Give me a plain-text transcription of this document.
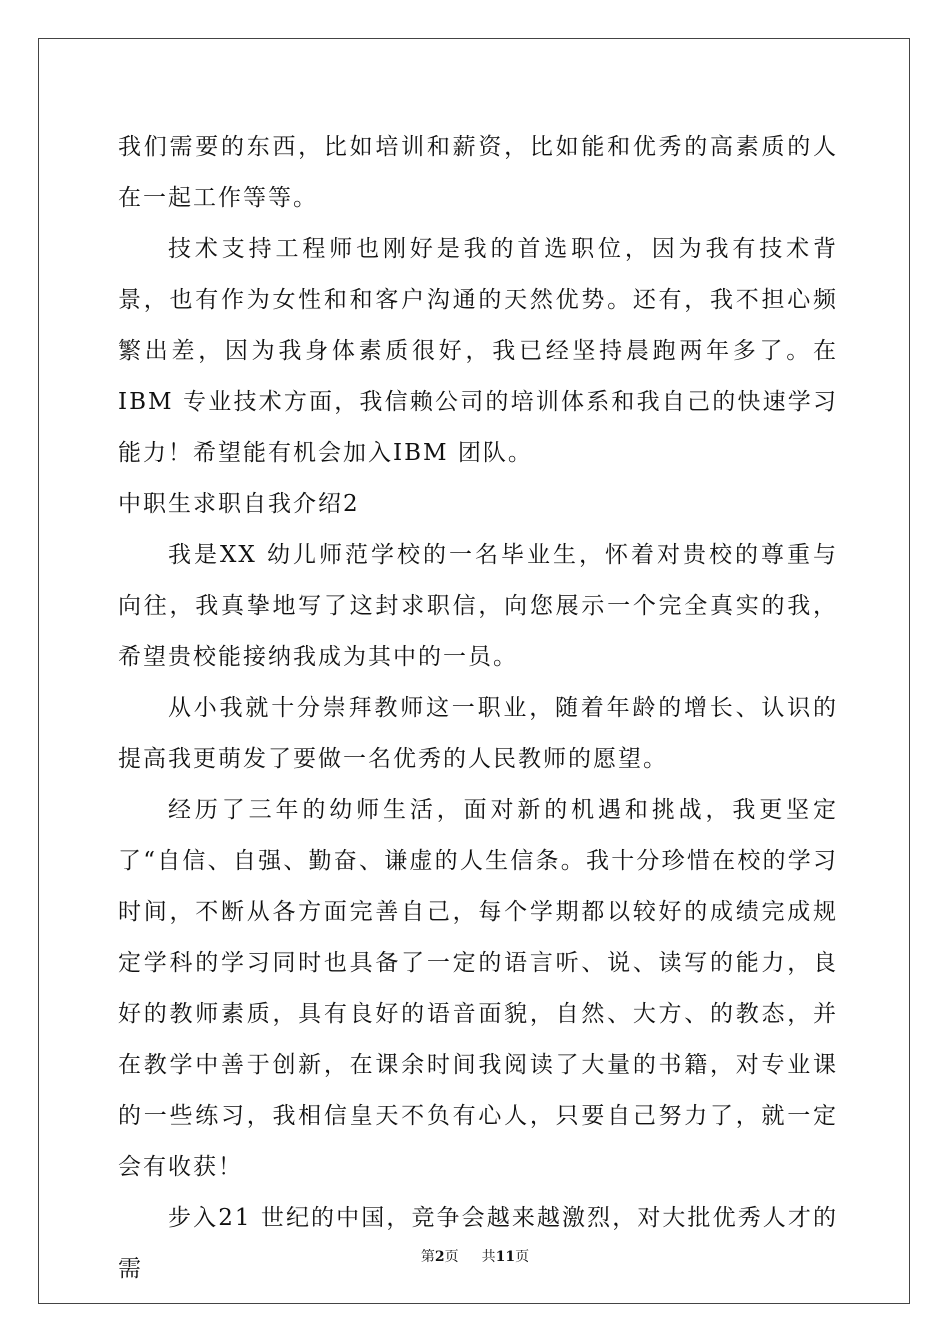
我们需要的东西，比如培训和薪资，比如能和优秀的高素质的人在一起工作等等。

技术支持工程师也刚好是我的首选职位，因为我有技术背景，也有作为女性和和客户沟通的天然优势。还有，我不担心频繁出差，因为我身体素质很好，我已经坚持晨跑两年多了。在 IBM 专业技术方面，我信赖公司的培训体系和我自己的快速学习能力！希望能有机会加入IBM 团队。

中职生求职自我介绍2

我是XX 幼儿师范学校的一名毕业生，怀着对贵校的尊重与向往，我真挚地写了这封求职信，向您展示一个完全真实的我，希望贵校能接纳我成为其中的一员。

从小我就十分崇拜教师这一职业，随着年龄的增长、认识的提高我更萌发了要做一名优秀的人民教师的愿望。

经历了三年的幼师生活，面对新的机遇和挑战，我更坚定了“自信、自强、勤奋、谦虚的人生信条。我十分珍惜在校的学习时间，不断从各方面完善自己，每个学期都以较好的成绩完成规定学科的学习同时也具备了一定的语言听、说、读写的能力，良好的教师素质，具有良好的语音面貌，自然、大方、的教态，并在教学中善于创新，在课余时间我阅读了大量的书籍，对专业课的一些练习，我相信皇天不负有心人，只要自己努力了，就一定会有收获！

步入21 世纪的中国，竞争会越来越激烈，对大批优秀人才的需	第2页 共11页
